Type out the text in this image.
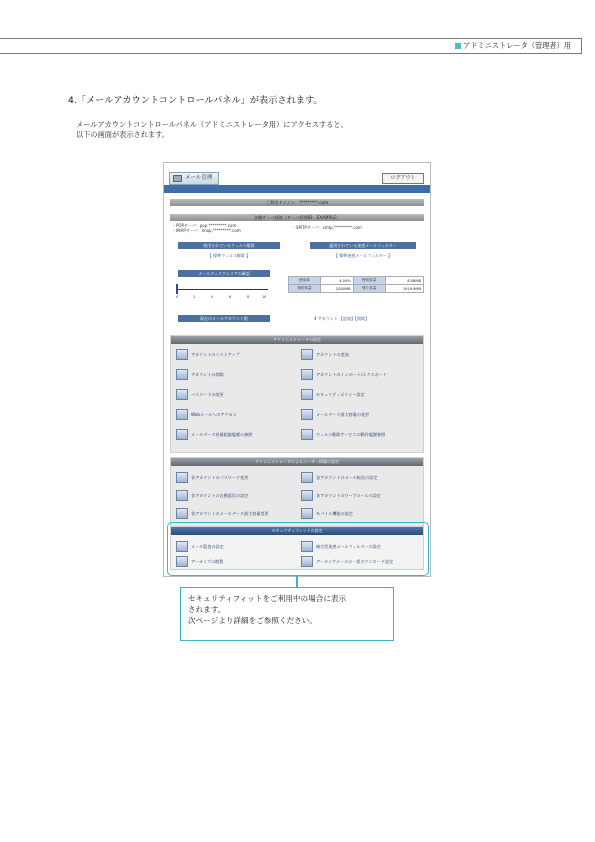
アドミニストレータ（管理者）用
4.「メールアカウントコントロールパネル」が表示されます。
メールアカウントコントロールパネル（アドミニストレータ用）にアクセスすると、
以下の画面が表示されます。
メール管理	ログアウト
ご利用ドメイン：*********.com
各種サーバ情報（サーバ管理ID：EXAMPLE）
・POPサーバ：pop.*********.com
・IMAPサーバ：imap.*********.com
・SMTPサーバ：smtp.*********.com
使用されているウィルス駆除
【 標準ウィルス駆除 】
適用されている迷惑メールフィルター
【 標準迷惑メールフィルター 】
メールディスクエリアの確認
0	2	4	6	8	10
使用率	4.04%	使用容量	8.08MB
契約容量	2000MB	残り容量	1919.9MB
現在のメールアカウント数	4 アカウント 【追加】【削除】
アドミニストレータの設定
アカウントのリストアップ	アカウントの追加
アカウントの削除	アカウントのインポート/エクスポート
パスワードの変更	セキュリティポリシー設定
Webメールへのアクセス	メールデータ最大容量の変更
メールデータ容量超過履歴の参照	ウィルス駆除サービスの動作履歴参照
アドミニストレータによるユーザー情報の設定
各アカウントのパスワード変更	各アカウントのメール転送の設定
各アカウントの自動返信の設定	各アカウントのワーブメールの設定
各アカウントのメールデータ最大容量変更	モバイル機能の設定
セキュリティフィットの設定
メール監査の設定	統合型迷惑メールフィルターの設定
アーカイブの閲覧	アーカイブメールの一括ダウンロード設定
セキュリティフィットをご利用中の場合に表示
されます。
次ページより詳細をご参照ください。
